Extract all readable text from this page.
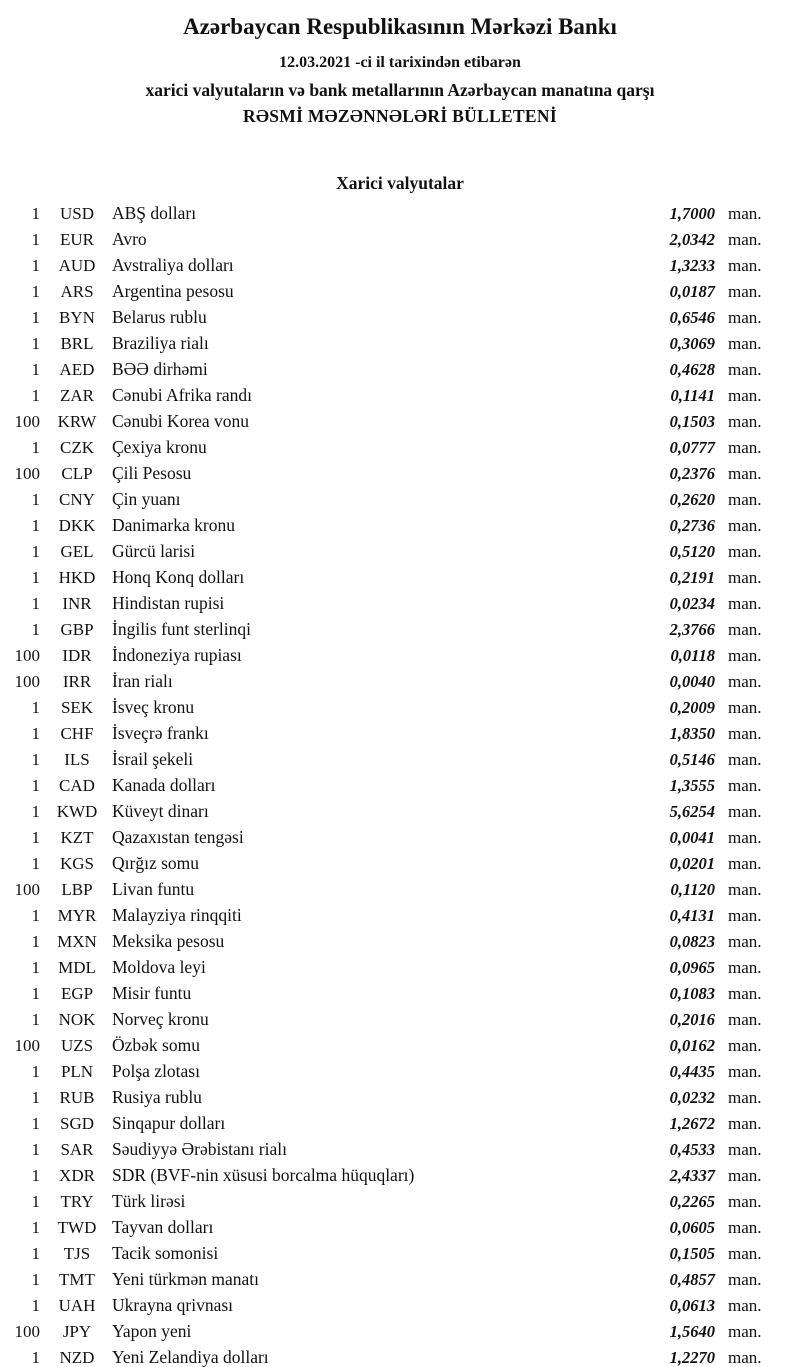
Azərbaycan Respublikasının Mərkəzi Bankı
12.03.2021 -ci il tarixindən etibarən
xarici valyutaların və bank metallarının Azərbaycan manatına qarşı
RƏSMİ MƏZƏNNƏLƏRİ BÜLLETENİ
Xarici valyutalar
1	USD	ABŞ dolları	1,7000 man.
1	EUR	Avro	2,0342 man.
1	AUD Avstraliya dolları	1,3233 man.
1	ARS	Argentina pesosu	0,0187 man.
1	BYN Belarus rublu	0,6546 man.
1	BRL	Braziliya rialı	0,3069 man.
1	AED	BƏƏ dirhəmi	0,4628 man.
1	ZAR	Cənubi Afrika randı	0,1141 man.
100	KRW Cənubi Korea vonu	0,1503 man.
1	CZK	Çexiya kronu	0,0777 man.
100	CLP	Çili Pesosu	0,2376 man.
1	CNY Çin yuanı	0,2620 man.
1	DKK Danimarka kronu	0,2736 man.
1	GEL	Gürcü larisi	0,5120 man.
1	HKD Honq Konq dolları	0,2191 man.
1	INR	Hindistan rupisi	0,0234 man.
1	GBP	İngilis funt sterlinqi	2,3766 man.
100	IDR	İndoneziya rupiası	0,0118 man.
100	IRR	İran rialı	0,0040 man.
1	SEK	İsveç kronu	0,2009 man.
1	CHF	İsveçrə frankı	1,8350 man.
1	ILS	İsrail şekeli	0,5146 man.
1	CAD Kanada dolları	1,3555 man.
1 KWD Küveyt dinarı	5,6254 man.
1	KZT	Qazaxıstan tengəsi	0,0041 man.
1	KGS	Qırğız somu	0,0201 man.
100	LBP	Livan funtu	0,1120 man.
1	MYR Malayziya rinqqiti	0,4131 man.
1	MXN Meksika pesosu	0,0823 man.
1	MDL Moldova leyi	0,0965 man.
1	EGP	Misir funtu	0,1083 man.
1	NOK Norveç kronu	0,2016 man.
100	UZS	Özbək somu	0,0162 man.
1	PLN	Polşa zlotası	0,4435 man.
1	RUB	Rusiya rublu	0,0232 man.
1	SGD	Sinqapur dolları	1,2672 man.
1	SAR	Səudiyyə Ərəbistanı rialı	0,4533 man.
1	XDR SDR (BVF-nin xüsusi borcalma hüquqları)	2,4337 man.
1	TRY	Türk lirəsi	0,2265 man.
1	TWD Tayvan dolları	0,0605 man.
1	TJS	Tacik somonisi	0,1505 man.
1	TMT Yeni türkmən manatı	0,4857 man.
1	UAH Ukrayna qrivnası	0,0613 man.
100	JPY	Yapon yeni	1,5640 man.
1	NZD	Yeni Zelandiya dolları	1,2270 man.
